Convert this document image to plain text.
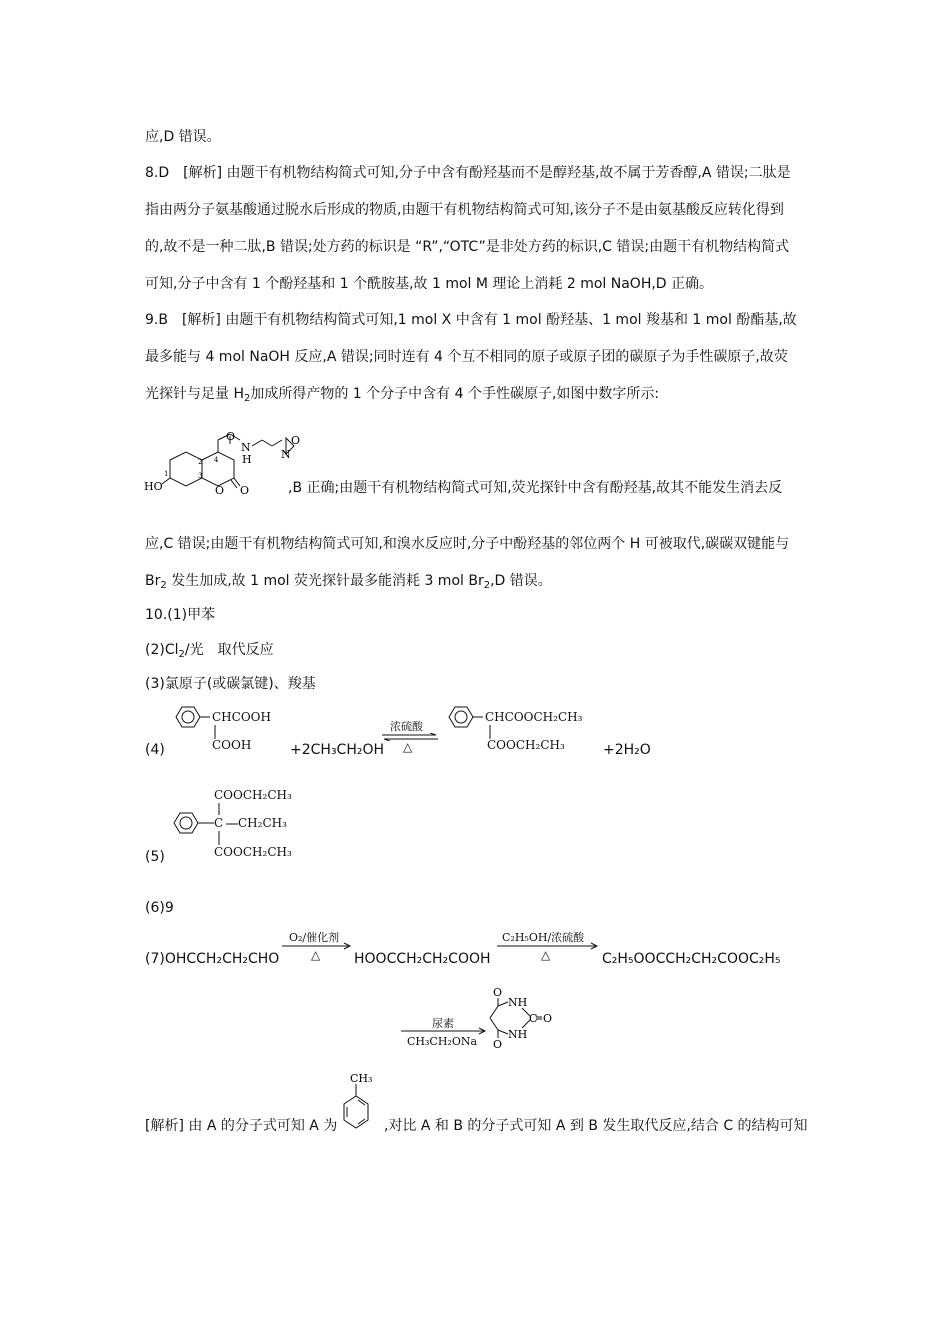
应,D 错误。
8.D　[解析] 由题干有机物结构简式可知,分子中含有酚羟基而不是醇羟基,故不属于芳香醇,A 错误;二肽是
指由两分子氨基酸通过脱水后形成的物质,由题干有机物结构简式可知,该分子不是由氨基酸反应转化得到
的,故不是一种二肽,B 错误;处方药的标识是 “R”,“OTC”是非处方药的标识,C 错误;由题干有机物结构简式
可知,分子中含有 1 个酚羟基和 1 个酰胺基,故 1 mol M 理论上消耗 2 mol NaOH,D 正确。
9.B　[解析] 由题干有机物结构简式可知,1 mol X 中含有 1 mol 酚羟基、1 mol 羧基和 1 mol 酚酯基,故
最多能与 4 mol NaOH 反应,A 错误;同时连有 4 个互不相同的原子或原子团的碳原子为手性碳原子,故荧
光探针与足量 $H_2$加成所得产物的 1 个分子中含有 4 个手性碳原子,如图中数字所示:
HO	O O
O
N
H	N
O
1
2
3
4
,B 正确;由题干有机物结构简式可知,荧光探针中含有酚羟基,故其不能发生消去反
应,C 错误;由题干有机物结构简式可知,和溴水反应时,分子中酚羟基的邻位两个 H 可被取代,碳碳双键能与
$Br_2$ 发生加成,故 1 mol 荧光探针最多能消耗 3 mol $Br_2,D$ 错误。
10.(1)甲苯
$(2)Cl_2/$光　取代反应
(3)氯原子(或碳氯键)、羧基
(4)
CHCOOH
COOH	+2CH₃CH₂OH
浓硫酸
△
CHCOOCH₂CH₃
COOCH₂CH₃	+2H₂O
(5)
COOCH₂CH₃
C CH₂CH₃
COOCH₂CH₃
(6)9
(7)OHCCH₂CH₂CHO
O₂/催化剂
△ HOOCCH₂CH₂COOH
C₂H₅OH/浓硫酸
△	C₂H₅OOCCH₂CH₂COOC₂H₅
尿素
CH₃CH₂ONa
O
NH
C O
NH
O
CH₃
[解析] 由 A 的分子式可知 A 为	,对比 A 和 B 的分子式可知 A 到 B 发生取代反应,结合 C 的结构可知
